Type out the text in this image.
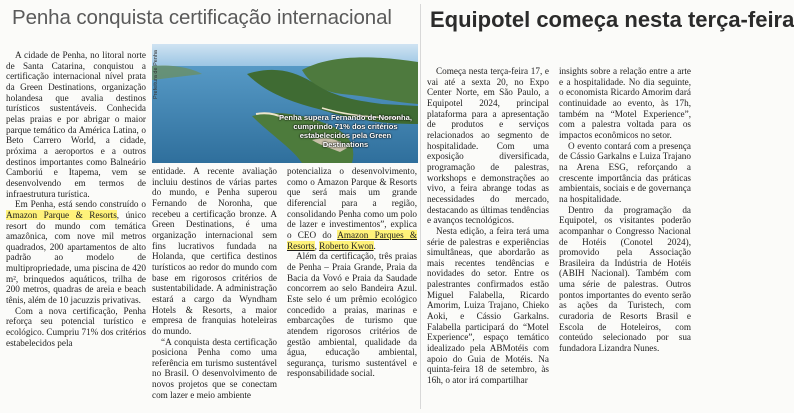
Penha conquista certificação internacional Equipotel começa nesta terça-feira

A cidade de Penha, no litoral norte de Santa Catarina, conquistou a certificação internacional nível prata da Green Destinations, organização holandesa que avalia destinos turísticos sustentáveis. Conhecida pelas praias e por abrigar o maior parque temático da América Latina, o Beto Carrero World, a cidade, próxima a aeroportos e a outros destinos importantes como Balneário Camboriú e Itapema, vem se desenvolvendo em termos de infraestrutura turística.

Em Penha, está sendo construído o Amazon Parque & Resorts, único resort do mundo com temática amazônica, com nove mil metros quadrados, 200 apartamentos de alto padrão ao modelo de multipropriedade, uma piscina de 420 m², brinquedos aquáticos, trilha de 200 metros, quadras de areia e beach tênis, além de 10 jacuzzis privativas.

Com a nova certificação, Penha reforça seu potencial turístico e ecológico. Cumpriu 71% dos critérios estabelecidos pela

Prefeitura de Penha
Penha supera Fernando de Noronha, cumprindo 71% dos critérios estabelecidos pela Green Destinations

entidade. A recente avaliação incluiu destinos de várias partes do mundo, e Penha superou Fernando de Noronha, que recebeu a certificação bronze. A Green Destinations, é uma organização internacional sem fins lucrativos fundada na Holanda, que certifica destinos turísticos ao redor do mundo com base em rigorosos critérios de sustentabilidade. A administração estará a cargo da Wyndham Hotels & Resorts, a maior empresa de franquias hoteleiras do mundo.

“A conquista desta certificação posiciona Penha como uma referência em turismo sustentável no Brasil. O desenvolvimento de novos projetos que se conectam com lazer e meio ambiente

potencializa o desenvolvimento, como o Amazon Parque & Resorts que será mais um grande diferencial para a região, consolidando Penha como um polo de lazer e investimentos”, explica o CEO do Amazon Parques & Resorts, Roberto Kwon.

Além da certificação, três praias de Penha – Praia Grande, Praia da Bacia da Vovó e Praia da Saudade concorrem ao selo Bandeira Azul. Este selo é um prêmio ecológico concedido a praias, marinas e embarcações de turismo que atendem rigorosos critérios de gestão ambiental, qualidade da água, educação ambiental, segurança, turismo sustentável e responsabilidade social.

Começa nesta terça-feira 17, e vai até a sexta 20, no Expo Center Norte, em São Paulo, a Equipotel 2024, principal plataforma para a apresentação de produtos e serviços relacionados ao segmento de hospitalidade. Com uma exposição diversificada, programação de palestras, workshops e demonstrações ao vivo, a feira abrange todas as necessidades do mercado, destacando as últimas tendências e avanços tecnológicos.

Nesta edição, a feira terá uma série de palestras e experiências simultâneas, que abordarão as mais recentes tendências e novidades do setor. Entre os palestrantes confirmados estão Miguel Falabella, Ricardo Amorim, Luiza Trajano, Chieko Aoki, e Cássio Garkalns. Falabella participará do “Motel Experience”, espaço temático idealizado pela ABMotéis com apoio do Guia de Motéis. Na quinta-feira 18 de setembro, às 16h, o ator irá compartilhar

insights sobre a relação entre a arte e a hospitalidade. No dia seguinte, o economista Ricardo Amorim dará continuidade ao evento, às 17h, também na “Motel Experience”, com a palestra voltada para os impactos econômicos no setor.

O evento contará com a presença de Cássio Garkalns e Luiza Trajano na Arena ESG, reforçando a crescente importância das práticas ambientais, sociais e de governança na hospitalidade.

Dentro da programação da Equipotel, os visitantes poderão acompanhar o Congresso Nacional de Hotéis (Conotel 2024), promovido pela Associação Brasileira da Indústria de Hotéis (ABIH Nacional). Também com uma série de palestras. Outros pontos importantes do evento serão as ações da Turistech, com curadoria de Resorts Brasil e Escola de Hoteleiros, com conteúdo selecionado por sua fundadora Lizandra Nunes.
